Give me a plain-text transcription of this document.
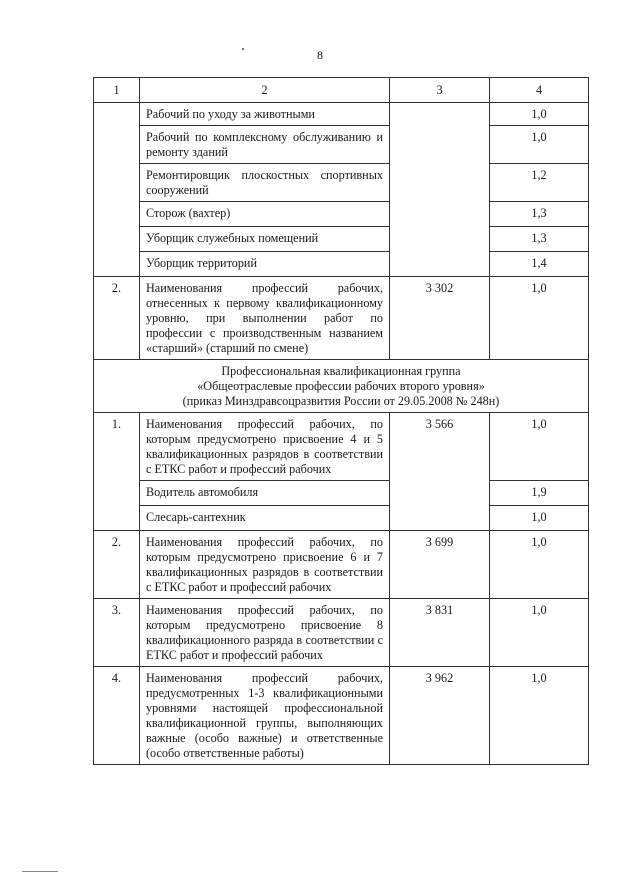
8
1	2	3	4
	Рабочий по уходу за животными		1,0
	Рабочий по комплексному обслуживанию и ремонту зданий		1,0
	Ремонтировщик плоскостных спортивных сооружений		1,2
	Сторож (вахтер)		1,3
	Уборщик служебных помещений		1,3
	Уборщик территорий		1,4
2.	Наименования профессий рабочих, отнесенных к первому квалификационному уровню, при выполнении работ по профессии с производственным названием «старший» (старший по смене)	3 302	1,0

Профессиональная квалификационная группа
«Общеотраслевые профессии рабочих второго уровня»
(приказ Минздравсоцразвития России от 29.05.2008 № 248н)			

1.	Наименования профессий рабочих, по которым предусмотрено присвоение 4 и 5 квалификационных разрядов в соответствии с ЕТКС работ и профессий рабочих	3 566	1,0
	Водитель автомобиля		1,9
	Слесарь-сантехник		1,0
2.	Наименования профессий рабочих, по которым предусмотрено присвоение 6 и 7 квалификационных разрядов в соответствии с ЕТКС работ и профессий рабочих	3 699	1,0
3.	Наименования профессий рабочих, по которым предусмотрено присвоение 8 квалификационного разряда в соответствии с ЕТКС работ и профессий рабочих	3 831	1,0
4.	Наименования профессий рабочих, предусмотренных 1-3 квалификационными уровнями настоящей профессиональной квалификационной группы, выполняющих важные (особо важные) и ответственные (особо ответственные работы)	3 962	1,0
